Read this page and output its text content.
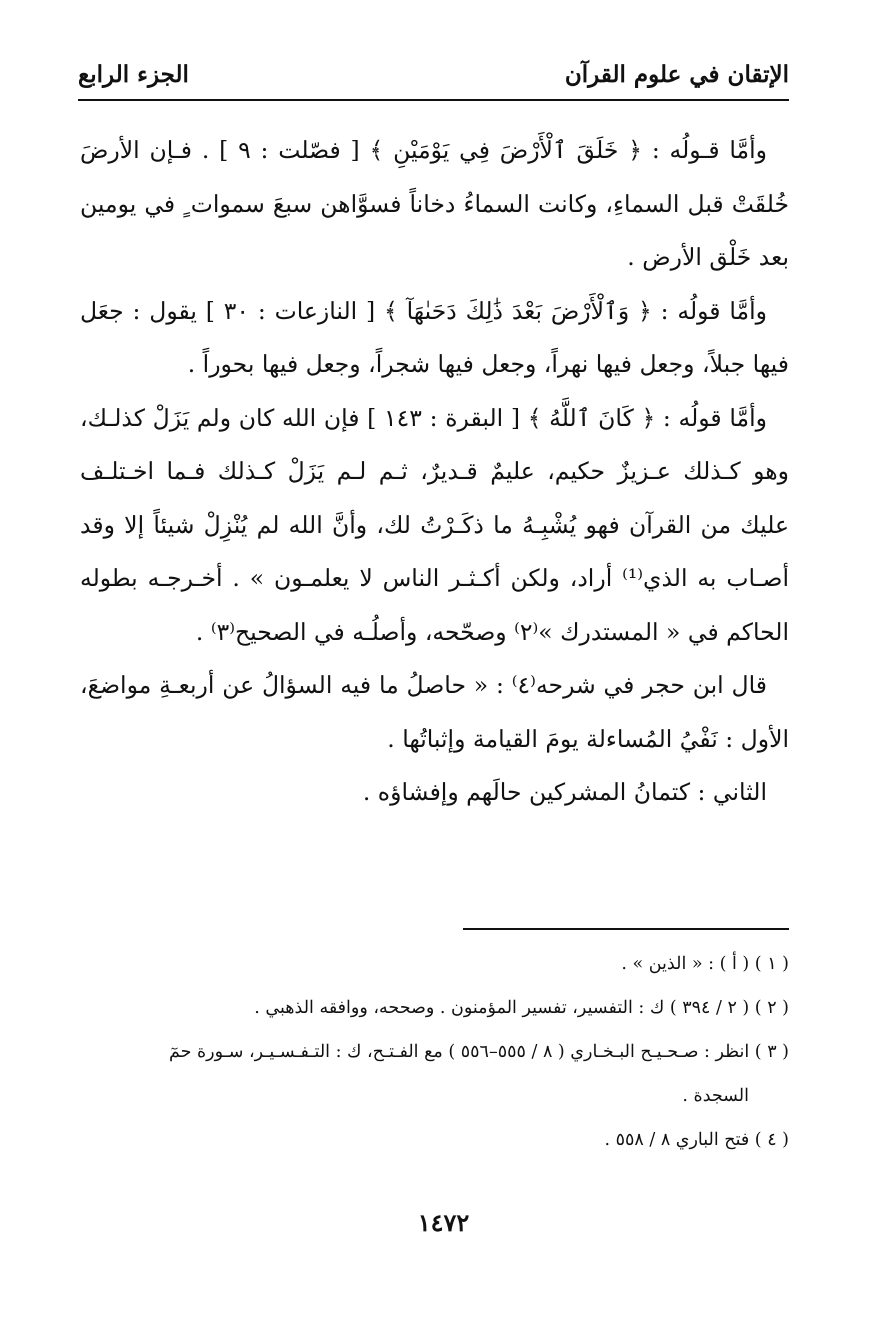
الإتقان في علوم القرآن
الجزء الرابع

وأمَّا قـولُه : ﴿ خَلَقَ ٱلْأَرْضَ فِي يَوْمَيْنِ ﴾ [ فصّلت : ٩ ] . فـإن الأرضَ خُلقَتْ قبل السماءِ، وكانت السماءُ دخاناً فسوَّاهن سبعَ سموات ٍ في يومين بعد خَلْق الأرض .

وأمَّا قولُه : ﴿ وَٱلْأَرْضَ بَعْدَ ذَٰلِكَ دَحَىٰهَآ ﴾ [ النازعات : ٣٠ ] يقول : جعَل فيها جبلاً، وجعل فيها نهراً، وجعل فيها شجراً، وجعل فيها بحوراً .

وأمَّا قولُه : ﴿ كَانَ ٱللَّهُ ﴾ [ البقرة : ١٤٣ ] فإن الله كان ولم يَزَلْ كذلـك، وهو كـذلك عـزيزٌ حكيم، عليمٌ قـديرٌ، ثـم لـم يَزَلْ كـذلك فـما اخـتلـف عليك من القرآن فهو يُشْبِـهُ ما ذكَـرْتُ لك، وأنَّ الله لم يُنْزِلْ شيئاً إلا وقد أصـاب به الذي⁽¹⁾ أراد، ولكن أكـثـر الناس لا يعلمـون » . أخـرجـه بطوله الحاكم في « المستدرك »⁽٢⁾ وصحّحه، وأصلُـه في الصحيح⁽٣⁾ .

قال ابن حجر في شرحه⁽٤⁾ : « حاصلُ ما فيه السؤالُ عن أربعـةِ مواضعَ، الأول : نَفْيُ المُساءلة يومَ القيامة وإثباتُها .

الثاني : كتمانُ المشركين حالَهم وإفشاؤه .

( ١ ) ( أ ) : « الذين » .

( ٢ ) ( ٢ / ٣٩٤ ) ك : التفسير، تفسير المؤمنون . وصححه، ووافقه الذهبي .

( ٣ ) انظر : صـحـيـح البـخـاري ( ٨ / ٥٥٥–٥٥٦ ) مع الفـتـح، ك : التـفـسـيـر، سـورة حمٓ

السجدة .

( ٤ ) فتح الباري ٨ / ٥٥٨ .

١٤٧٢
